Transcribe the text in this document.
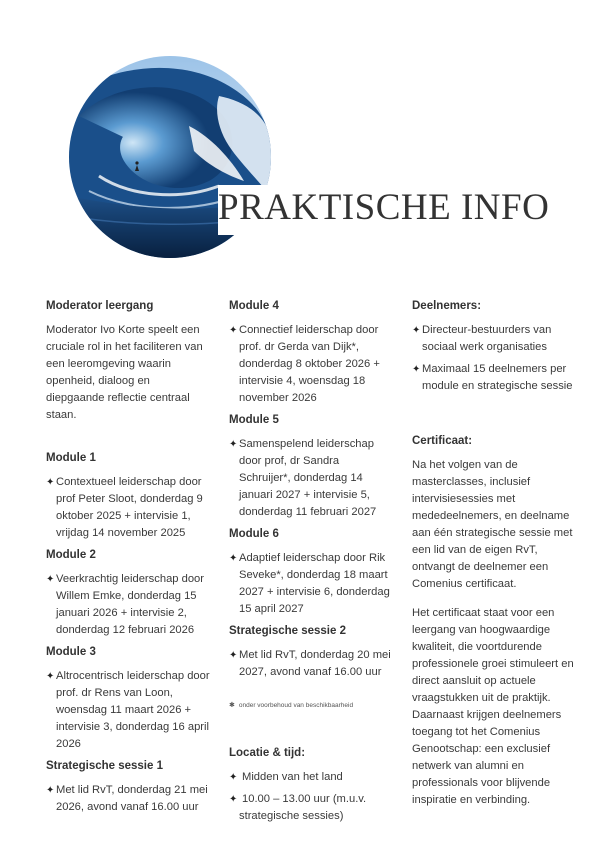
PRAKTISCHE INFO
Moderator leergang
Moderator Ivo Korte speelt een cruciale rol in het faciliteren van een leeromgeving waarin openheid, dialoog en diepgaande reflectie centraal staan.
Module 1
✦ Contextueel leiderschap door prof Peter Sloot, donderdag 9 oktober 2025 + intervisie 1, vrijdag 14 november 2025
Module 2
✦ Veerkrachtig leiderschap door Willem Emke, donderdag 15 januari 2026 + intervisie 2, donderdag 12 februari 2026
Module 3
✦ Altrocentrisch leiderschap door prof. dr Rens van Loon, woensdag 11 maart 2026 + intervisie 3, donderdag 16 april 2026
Strategische sessie 1
✦ Met lid RvT, donderdag 21 mei 2026, avond vanaf 16.00 uur
Module 4
✦ Connectief leiderschap door prof. dr Gerda van Dijk*, donderdag 8 oktober 2026 + intervisie 4, woensdag 18 november 2026
Module 5
✦ Samenspelend leiderschap door prof, dr Sandra Schruijer*, donderdag 14 januari 2027 + intervisie 5, donderdag 11 februari 2027
Module 6
✦ Adaptief leiderschap door Rik Seveke*, donderdag 18 maart 2027 + intervisie 6, donderdag 15 april 2027
Strategische sessie 2
✦ Met lid RvT, donderdag 20 mei 2027, avond vanaf 16.00 uur
✱ onder voorbehoud van beschikbaarheid
Locatie & tijd:
✦ Midden van het land
✦ 10.00 – 13.00 uur (m.u.v. strategische sessies)
Deelnemers:
✦ Directeur-bestuurders van sociaal werk organisaties
✦ Maximaal 15 deelnemers per module en strategische sessie
Certificaat:
Na het volgen van de masterclasses, inclusief intervisiesessies met mededeelnemers, en deelname aan één strategische sessie met een lid van de eigen RvT, ontvangt de deelnemer een Comenius certificaat.
Het certificaat staat voor een leergang van hoogwaardige kwaliteit, die voortdurende professionele groei stimuleert en direct aansluit op actuele vraagstukken uit de praktijk. Daarnaast krijgen deelnemers toegang tot het Comenius Genootschap: een exclusief netwerk van alumni en professionals voor blijvende inspiratie en verbinding.
